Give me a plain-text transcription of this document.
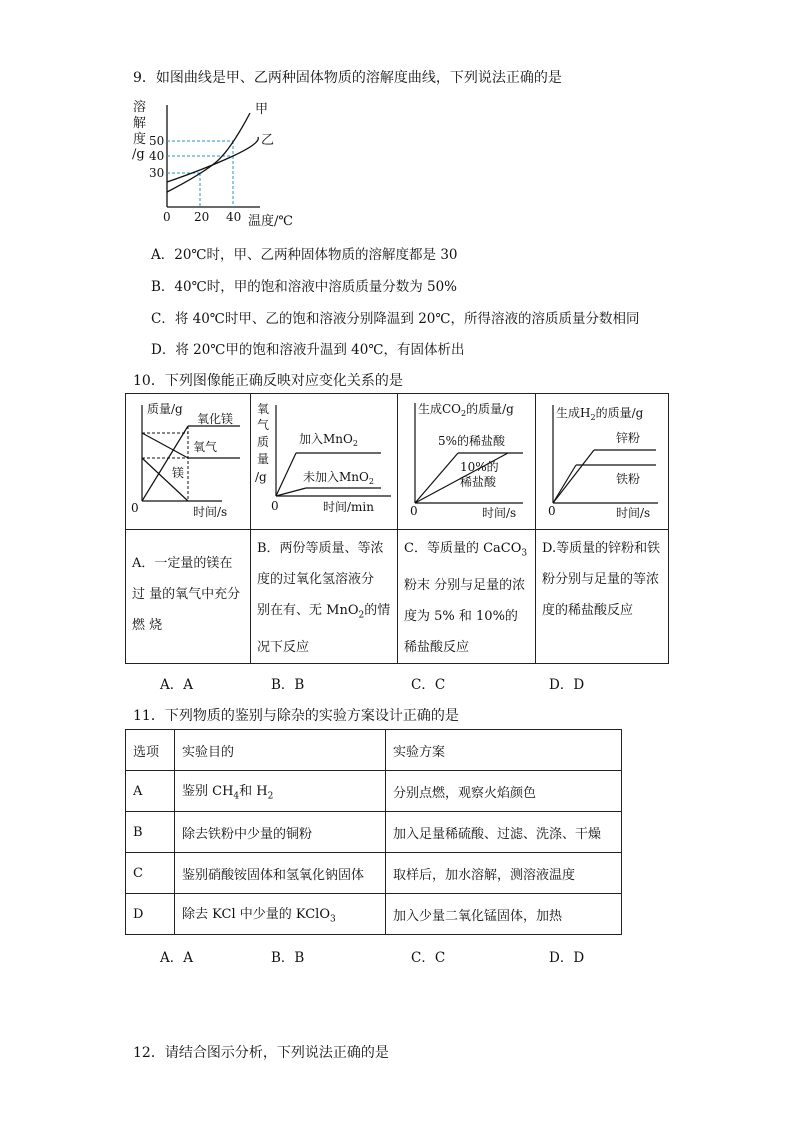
9．如图曲线是甲、乙两种固体物质的溶解度曲线，下列说法正确的是
溶
解
度
/g
甲
乙
50
40
30
0 20 40 温度/℃
A．20℃时，甲、乙两种固体物质的溶解度都是 30
B．40℃时，甲的饱和溶液中溶质质量分数为 50%
C．将 40℃时甲、乙的饱和溶液分别降温到 20℃，所得溶液的溶质质量分数相同
D．将 20℃甲的饱和溶液升温到 40℃，有固体析出
10．下列图像能正确反映对应变化关系的是
质量/g
氧化镁
氧气
镁
0	时间/s
氧
气
质
量
/g
加入MnO$_2$
未加入MnO$_2$
0	时间/min
生成$CO_2$的质量/g
5%的稀盐酸
10%的
稀盐酸
0	时间/s
生成$H_2$的质量/g
锌粉
铁粉
0	时间/s
A．一定量的镁在过 量的氧气中充分燃 烧
B．两份等质量、等浓度的过氧化氢溶液分 别在有、无 MnO$_2$的情 况下反应
C．等质量的 CaCO$_3$粉末 分别与足量的浓度为 5% 和 10%的稀盐酸反应
D.等质量的锌粉和铁粉分别与足量的等浓度的稀盐酸反应
A．A	B．B	C．C	D．D
11．下列物质的鉴别与除杂的实验方案设计正确的是
选项	实验目的	实验方案
A	鉴别 $CH_4$和 $H_2$	分别点燃，观察火焰颜色
B	除去铁粉中少量的铜粉	加入足量稀硫酸、过滤、洗涤、干燥
C	鉴别硝酸铵固体和氢氧化钠固体	取样后，加水溶解，测溶液温度
D	除去 KCl 中少量的 KClO$_3$	加入少量二氧化锰固体，加热
A．A	B．B	C．C	D．D
12．请结合图示分析，下列说法正确的是
